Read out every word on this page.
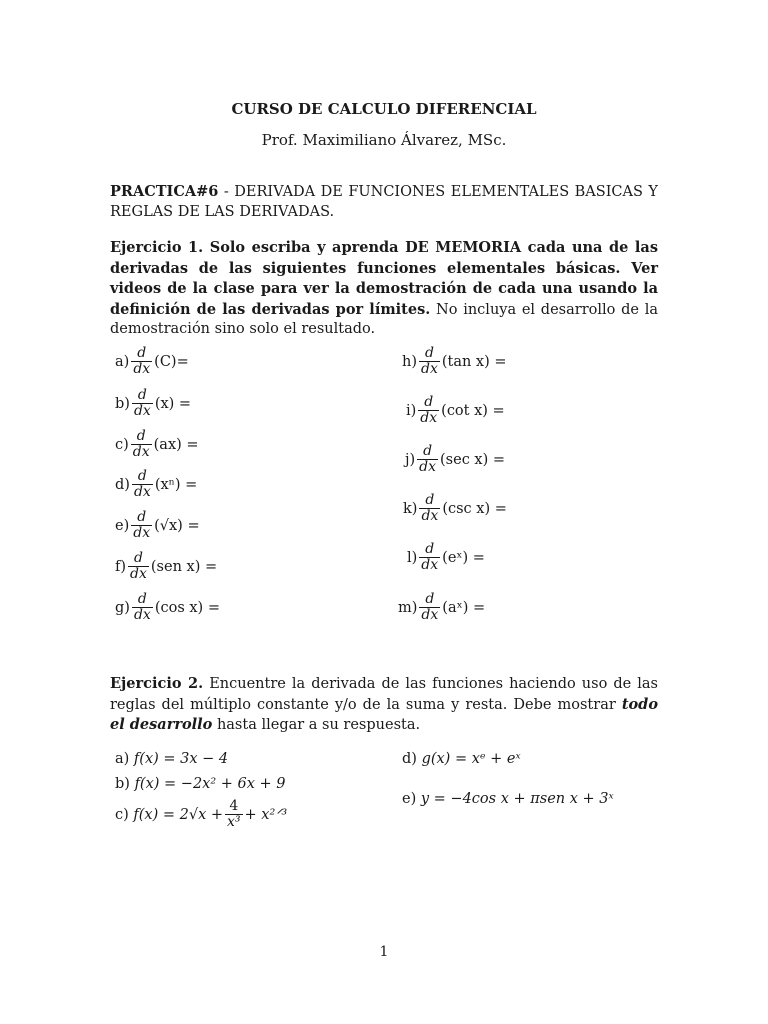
CURSO DE CALCULO DIFERENCIAL
Prof. Maximiliano Álvarez, MSc.
PRACTICA#6 - DERIVADA DE FUNCIONES ELEMENTALES BASICAS Y REGLAS DE LAS DERIVADAS.
Ejercicio 1. Solo escriba y aprenda DE MEMORIA cada una de las derivadas de las siguientes funciones elementales básicas. Ver videos de la clase para ver la demostración de cada una usando la definición de las derivadas por límites. No incluya el desarrollo de la demostración sino solo el resultado.
$a) \frac{d}{dx} (C)=$
$b) \frac{d}{dx} (x)$ =
$c) \frac{d}{dx} (ax)$ =
$d) \frac{d}{dx} (x^n)$ =
$e) \frac{d}{dx} (√x)$ =
$f) \frac{d}{dx} (sen$ x) =
$g) \frac{d}{dx} (\cos$ x) =
$h) \frac{d}{dx} (\tan$ x) =
$i) \frac{d}{dx} (\cot$ x) =
$j) \frac{d}{dx} (\sec$ x) =
$k) \frac{d}{dx} (\csc$ x) =
$l) \frac{d}{dx}$ (eˣ) =
$m) \frac{d}{dx}$ (aˣ) =
Ejercicio 2. Encuentre la derivada de las funciones haciendo uso de las reglas del múltiplo constante y/o de la suma y resta. Debe mostrar todo el desarrollo hasta llegar a su respuesta.
a)
f(x) = 3x − 4
b)
f(x) = −2x² + 6x + 9
c)
$f(x) = 2√x + \frac{4}{\text{x³}}$ + x²ᐟ³
d)
g(x) = xᵉ + eˣ
e)
y = −4cos x + πsen x + 3ˣ
1
